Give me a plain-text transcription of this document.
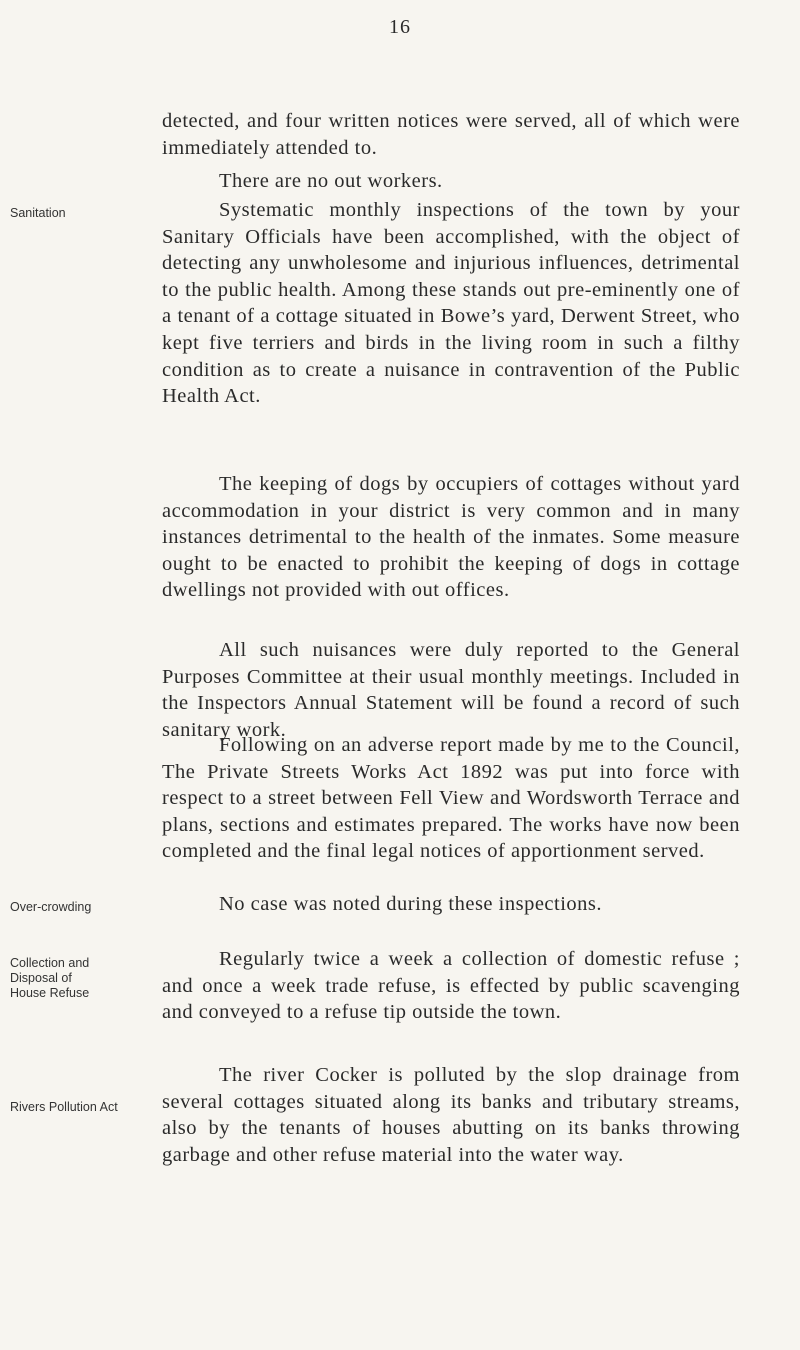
16
Sanitation
Over-crowding
Collection and Disposal of House Refuse
Rivers Pollution Act

detected, and four written notices were served, all of which were immediately attended to.

There are no out workers.

Systematic monthly inspections of the town by your Sanitary Officials have been accomplished, with the object of detecting any unwholesome and injurious influences, detrimental to the public health. Among these stands out pre-eminently one of a tenant of a cottage situated in Bowe’s yard, Derwent Street, who kept five terriers and birds in the living room in such a filthy condition as to create a nuisance in contravention of the Public Health Act.

The keeping of dogs by occupiers of cottages without yard accommodation in your district is very common and in many instances detrimental to the health of the inmates. Some measure ought to be enacted to prohibit the keeping of dogs in cottage dwellings not provided with out offices.

All such nuisances were duly reported to the General Purposes Committee at their usual monthly meetings. Included in the Inspectors Annual Statement will be found a record of such sanitary work.

Following on an adverse report made by me to the Council, The Private Streets Works Act 1892 was put into force with respect to a street between Fell View and Wordsworth Terrace and plans, sections and estimates prepared. The works have now been completed and the final legal notices of apportionment served.

No case was noted during these inspections.

Regularly twice a week a collection of domestic refuse ; and once a week trade refuse, is effected by public scavenging and conveyed to a refuse tip outside the town.

The river Cocker is polluted by the slop drainage from several cottages situated along its banks and tributary streams, also by the tenants of houses abutting on its banks throwing garbage and other refuse material into the water way.
